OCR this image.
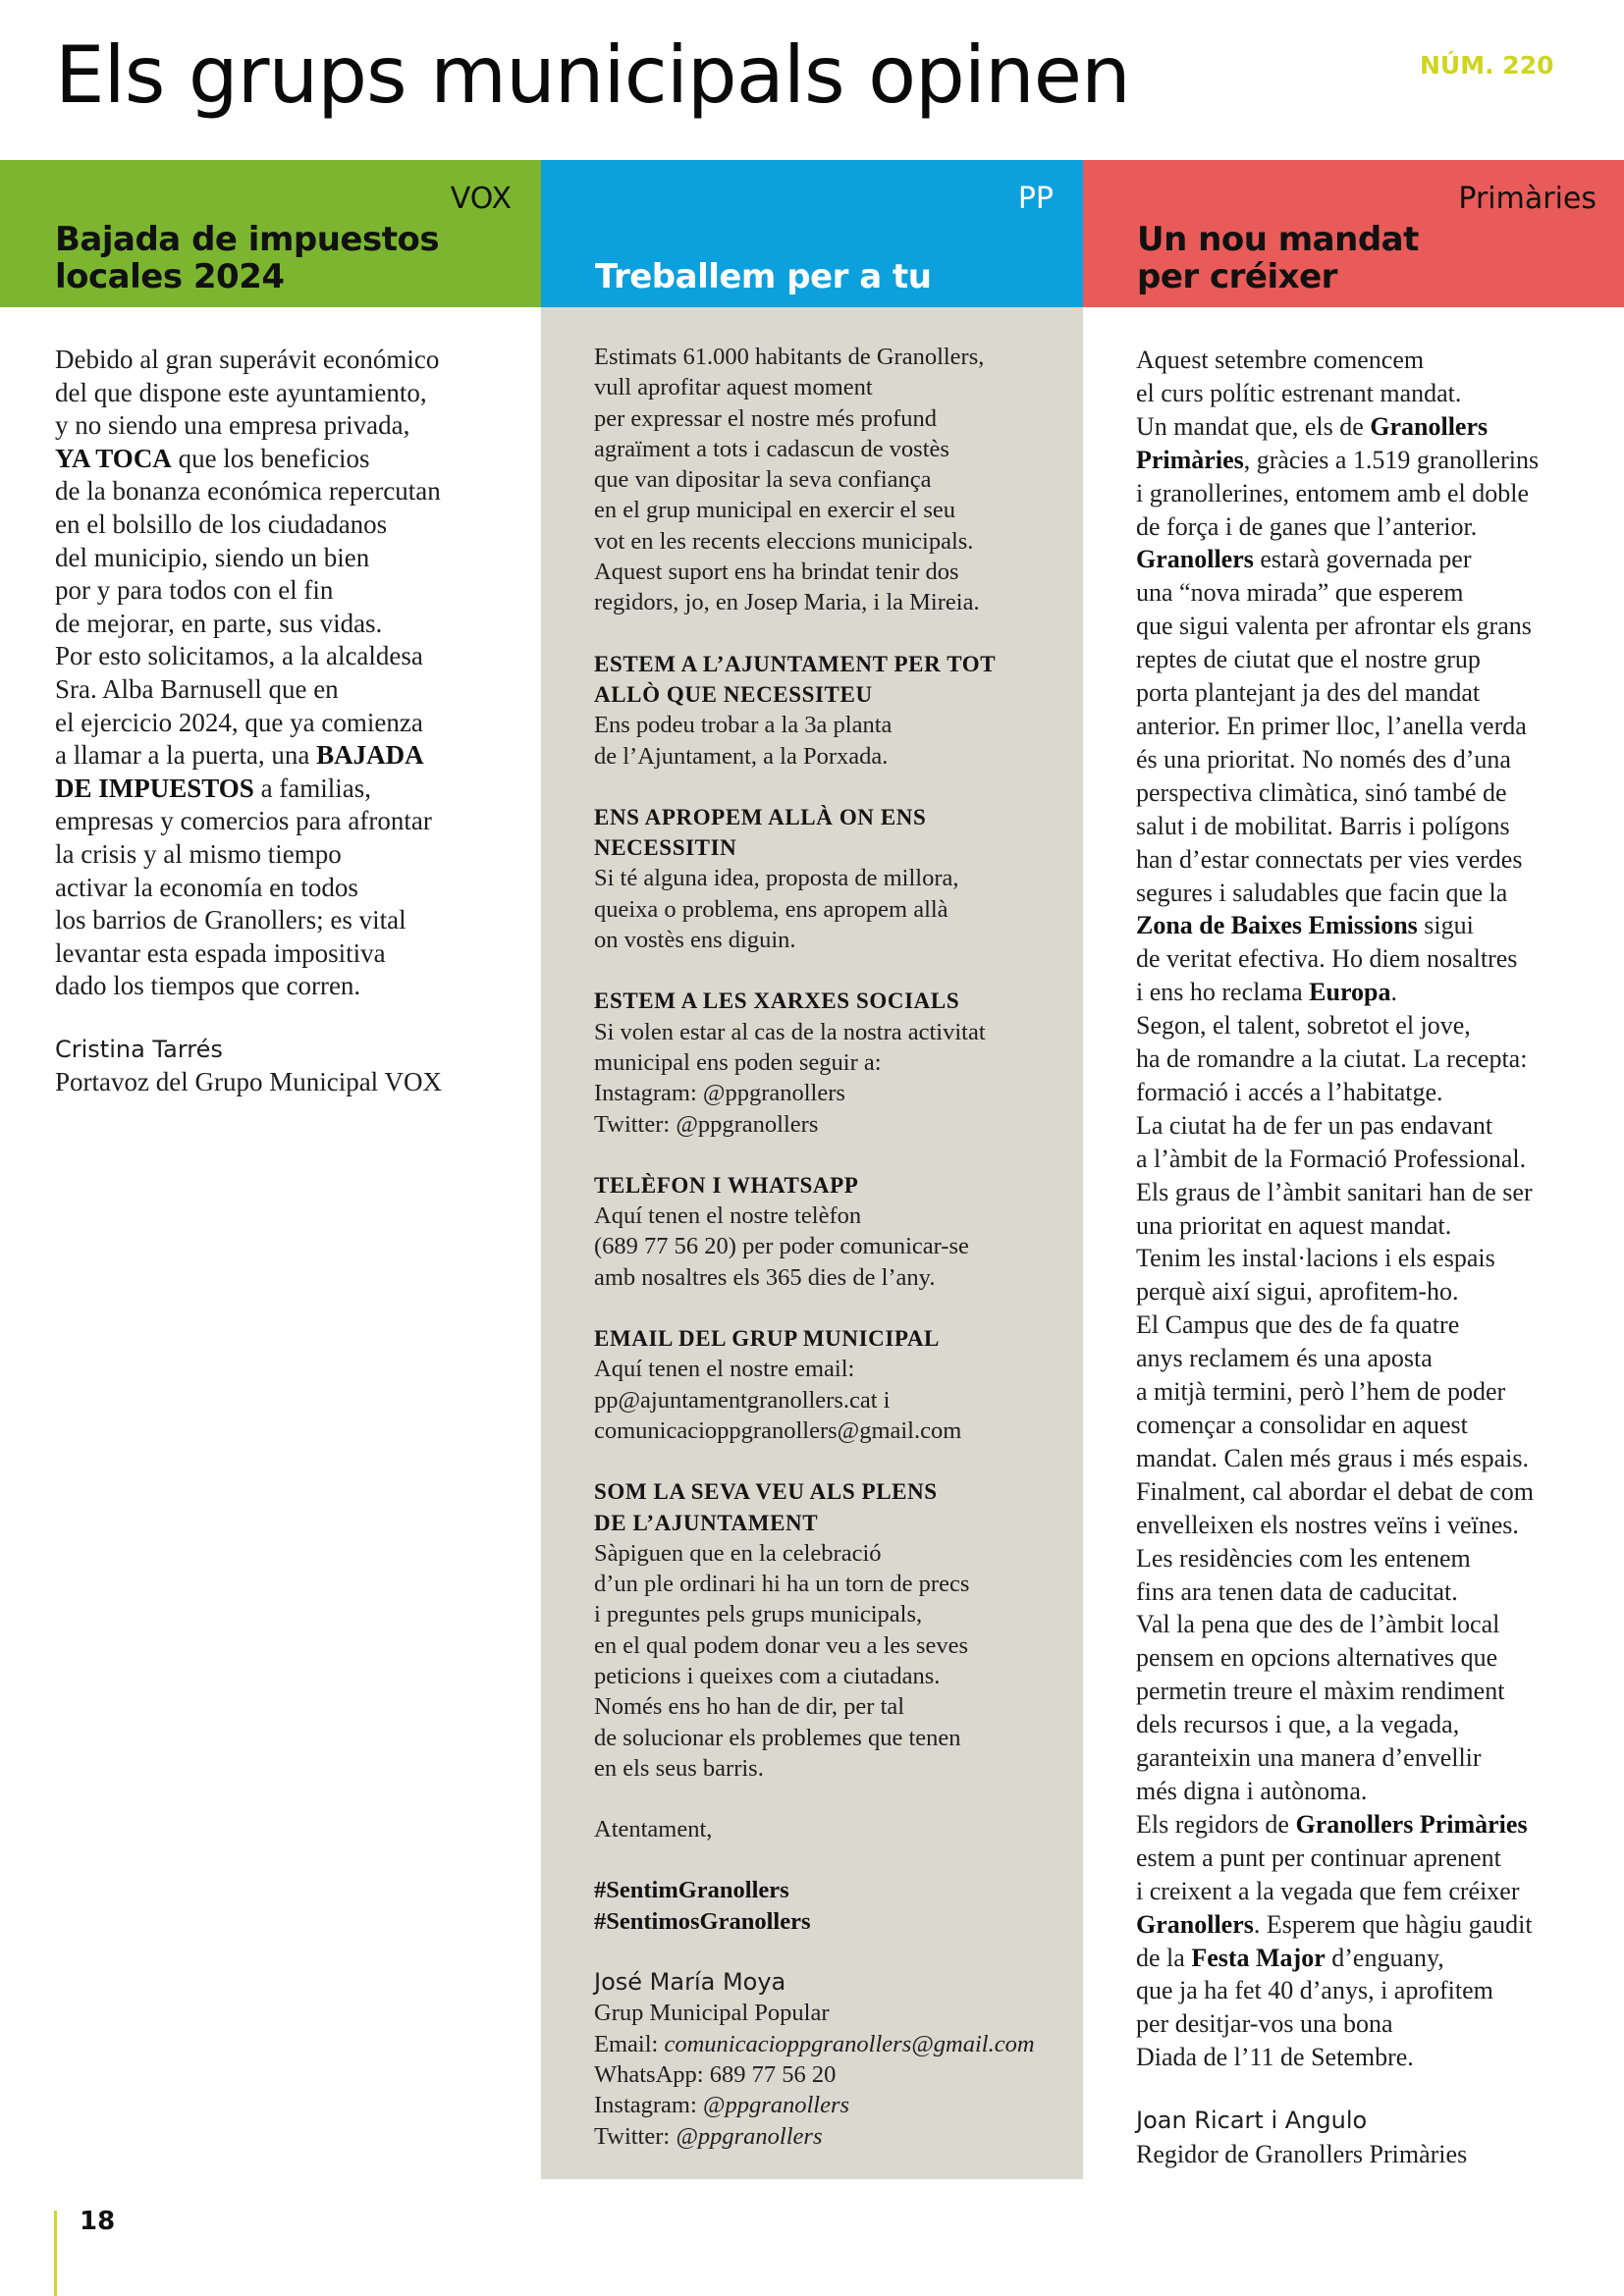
Els grups municipals opinen	NÚM. 220
VOX
Bajada de impuestos
locales 2024
PP
Treballem per a tu
Primàries
Un nou mandat
per créixer
Debido al gran superávit económico
del que dispone este ayuntamiento,
y no siendo una empresa privada,
YA TOCA que los beneficios
de la bonanza económica repercutan
en el bolsillo de los ciudadanos
del municipio, siendo un bien
por y para todos con el fin
de mejorar, en parte, sus vidas.
Por esto solicitamos, a la alcaldesa
Sra. Alba Barnusell que en
el ejercicio 2024, que ya comienza
a llamar a la puerta, una BAJADA
DE IMPUESTOS a familias,
empresas y comercios para afrontar
la crisis y al mismo tiempo
activar la economía en todos
los barrios de Granollers; es vital
levantar esta espada impositiva
dado los tiempos que corren.
Cristina Tarrés
Portavoz del Grupo Municipal VOX
Estimats 61.000 habitants de Granollers,
vull aprofitar aquest moment
per expressar el nostre més profund
agraïment a tots i cadascun de vostès
que van dipositar la seva confiança
en el grup municipal en exercir el seu
vot en les recents eleccions municipals.
Aquest suport ens ha brindat tenir dos
regidors, jo, en Josep Maria, i la Mireia.
ESTEM A L’AJUNTAMENT PER TOT
ALLÒ QUE NECESSITEU
Ens podeu trobar a la 3a planta
de l’Ajuntament, a la Porxada.
ENS APROPEM ALLÀ ON ENS
NECESSITIN
Si té alguna idea, proposta de millora,
queixa o problema, ens apropem allà
on vostès ens diguin.
ESTEM A LES XARXES SOCIALS
Si volen estar al cas de la nostra activitat
municipal ens poden seguir a:
Instagram: @ppgranollers
Twitter: @ppgranollers
TELÈFON I WHATSAPP
Aquí tenen el nostre telèfon
(689 77 56 20) per poder comunicar-se
amb nosaltres els 365 dies de l’any.
EMAIL DEL GRUP MUNICIPAL
Aquí tenen el nostre email:
pp@ajuntamentgranollers.cat i
comunicacioppgranollers@gmail.com
SOM LA SEVA VEU ALS PLENS
DE L’AJUNTAMENT
Sàpiguen que en la celebració
d’un ple ordinari hi ha un torn de precs
i preguntes pels grups municipals,
en el qual podem donar veu a les seves
peticions i queixes com a ciutadans.
Només ens ho han de dir, per tal
de solucionar els problemes que tenen
en els seus barris.
Atentament,
#SentimGranollers
#SentimosGranollers
José María Moya
Grup Municipal Popular
Email: comunicacioppgranollers@gmail.com
WhatsApp: 689 77 56 20
Instagram: @ppgranollers
Twitter: @ppgranollers
Aquest setembre comencem
el curs polític estrenant mandat.
Un mandat que, els de Granollers
Primàries, gràcies a 1.519 granollerins
i granollerines, entomem amb el doble
de força i de ganes que l’anterior.
Granollers estarà governada per
una “nova mirada” que esperem
que sigui valenta per afrontar els grans
reptes de ciutat que el nostre grup
porta plantejant ja des del mandat
anterior. En primer lloc, l’anella verda
és una prioritat. No només des d’una
perspectiva climàtica, sinó també de
salut i de mobilitat. Barris i polígons
han d’estar connectats per vies verdes
segures i saludables que facin que la
Zona de Baixes Emissions sigui
de veritat efectiva. Ho diem nosaltres
i ens ho reclama Europa.
Segon, el talent, sobretot el jove,
ha de romandre a la ciutat. La recepta:
formació i accés a l’habitatge.
La ciutat ha de fer un pas endavant
a l’àmbit de la Formació Professional.
Els graus de l’àmbit sanitari han de ser
una prioritat en aquest mandat.
Tenim les instal·lacions i els espais
perquè així sigui, aprofitem-ho.
El Campus que des de fa quatre
anys reclamem és una aposta
a mitjà termini, però l’hem de poder
començar a consolidar en aquest
mandat. Calen més graus i més espais.
Finalment, cal abordar el debat de com
envelleixen els nostres veïns i veïnes.
Les residències com les entenem
fins ara tenen data de caducitat.
Val la pena que des de l’àmbit local
pensem en opcions alternatives que
permetin treure el màxim rendiment
dels recursos i que, a la vegada,
garanteixin una manera d’envellir
més digna i autònoma.
Els regidors de Granollers Primàries
estem a punt per continuar aprenent
i creixent a la vegada que fem créixer
Granollers. Esperem que hàgiu gaudit
de la Festa Major d’enguany,
que ja ha fet 40 d’anys, i aprofitem
per desitjar-vos una bona
Diada de l’11 de Setembre.
Joan Ricart i Angulo
Regidor de Granollers Primàries
18
